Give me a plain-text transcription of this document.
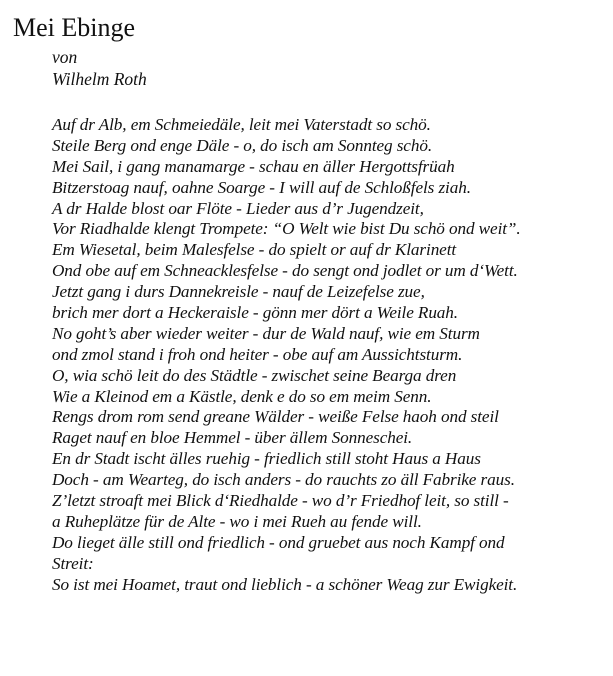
Mei Ebinge
von
Wilhelm Roth
Auf dr Alb, em Schmeiedäle, leit mei Vaterstadt so schö.
Steile Berg ond enge Däle - o, do isch am Sonnteg schö.
Mei Sail, i gang manamarge - schau en äller Hergottsfrüah
Bitzerstoag nauf, oahne Soarge - I will auf de Schloßfels ziah.
A dr Halde blost oar Flöte - Lieder aus d’r Jugendzeit,
Vor Riadhalde klengt Trompete: “O Welt wie bist Du schö ond weit”.
Em Wiesetal, beim Malesfelse - do spielt or auf dr Klarinett
Ond obe auf em Schneacklesfelse - do sengt ond jodlet or um d‘Wett.
Jetzt gang i durs Dannekreisle - nauf de Leizefelse zue,
brich mer dort a Heckeraisle - gönn mer dört a Weile Ruah.
No goht’s aber wieder weiter - dur de Wald nauf, wie em Sturm
ond zmol stand i froh ond heiter - obe auf am Aussichtsturm.
O, wia schö leit do des Städtle - zwischet seine Bearga dren
Wie a Kleinod em a Kästle, denk e do so em meim Senn.
Rengs drom rom send greane Wälder - weiße Felse haoh ond steil
Raget nauf en bloe Hemmel - über ällem Sonneschei.
En dr Stadt ischt älles ruehig - friedlich still stoht Haus a Haus
Doch - am Wearteg, do isch anders - do rauchts zo äll Fabrike raus.
Z’letzt stroaft mei Blick d‘Riedhalde - wo d’r Friedhof leit, so still -
a Ruheplätze für de Alte - wo i mei Rueh au fende will.
Do lieget älle still ond friedlich - ond gruebet aus noch Kampf ond
Streit:
So ist mei Hoamet, traut ond lieblich - a schöner Weag zur Ewigkeit.
